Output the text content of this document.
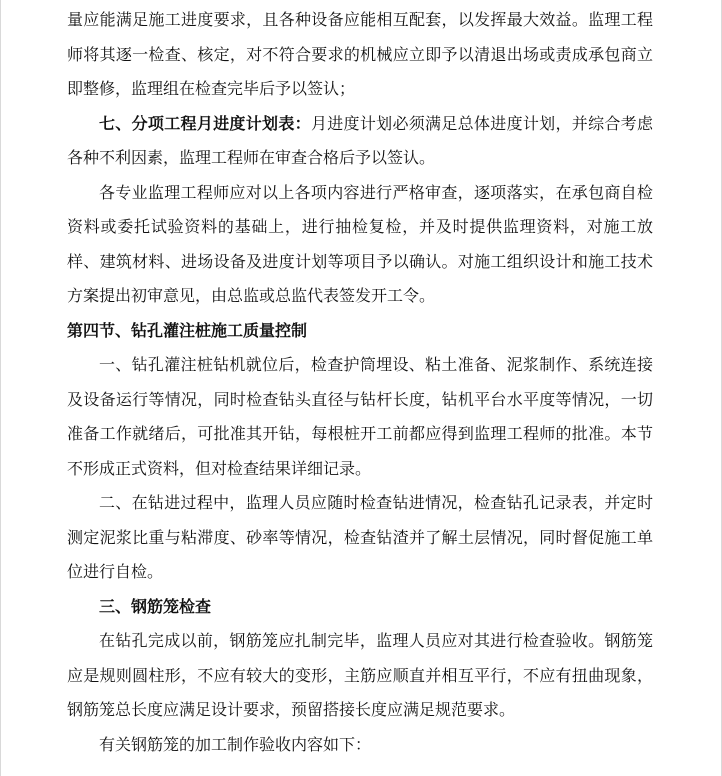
量应能满足施工进度要求，且各种设备应能相互配套，以发挥最大效益。监理工程师将其逐一检查、核定，对不符合要求的机械应立即予以清退出场或责成承包商立即整修，监理组在检查完毕后予以签认；

七、分项工程月进度计划表：月进度计划必须满足总体进度计划，并综合考虑各种不利因素，监理工程师在审查合格后予以签认。

各专业监理工程师应对以上各项内容进行严格审查，逐项落实，在承包商自检资料或委托试验资料的基础上，进行抽检复检，并及时提供监理资料，对施工放样、建筑材料、进场设备及进度计划等项目予以确认。对施工组织设计和施工技术方案提出初审意见，由总监或总监代表签发开工令。

第四节、钻孔灌注桩施工质量控制

一、钻孔灌注桩钻机就位后，检查护筒埋设、粘土准备、泥浆制作、系统连接及设备运行等情况，同时检查钻头直径与钻杆长度，钻机平台水平度等情况，一切准备工作就绪后，可批准其开钻，每根桩开工前都应得到监理工程师的批准。本节不形成正式资料，但对检查结果详细记录。

二、在钻进过程中，监理人员应随时检查钻进情况，检查钻孔记录表，并定时测定泥浆比重与粘滞度、砂率等情况，检查钻渣并了解土层情况，同时督促施工单位进行自检。

三、钢筋笼检查

在钻孔完成以前，钢筋笼应扎制完毕，监理人员应对其进行检查验收。钢筋笼应是规则圆柱形，不应有较大的变形，主筋应顺直并相互平行，不应有扭曲现象，钢筋笼总长度应满足设计要求，预留搭接长度应满足规范要求。

有关钢筋笼的加工制作验收内容如下：
